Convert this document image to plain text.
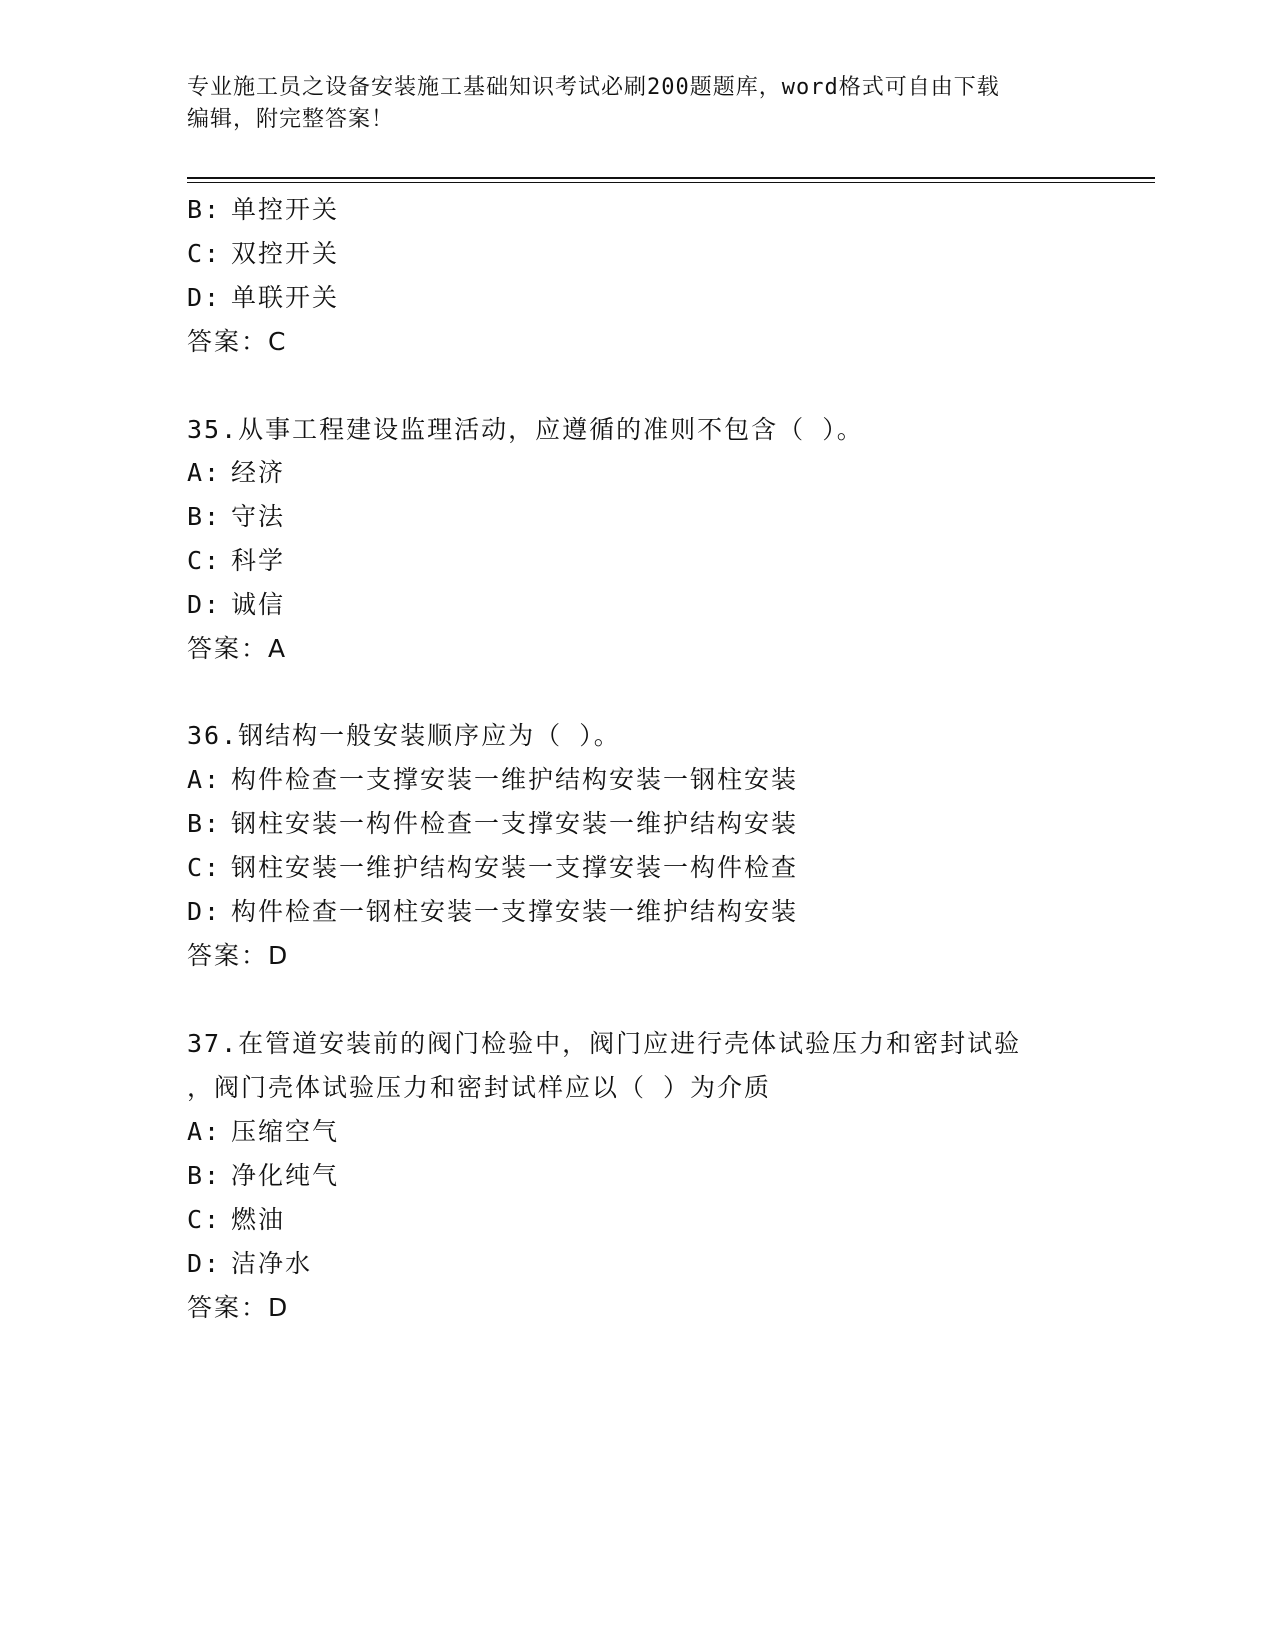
专业施工员之设备安装施工基础知识考试必刷200题题库，word格式可自由下载
编辑，附完整答案！
B: 单控开关
C: 双控开关
D: 单联开关
答案：C
35.从事工程建设监理活动，应遵循的准则不包含（ ）。
A: 经济
B: 守法
C: 科学
D: 诚信
答案：A
36.钢结构一般安装顺序应为（ ）。
A: 构件检查一支撑安装一维护结构安装一钢柱安装
B: 钢柱安装一构件检查一支撑安装一维护结构安装
C: 钢柱安装一维护结构安装一支撑安装一构件检查
D: 构件检查一钢柱安装一支撑安装一维护结构安装
答案：D
37.在管道安装前的阀门检验中，阀门应进行壳体试验压力和密封试验
，阀门壳体试验压力和密封试样应以（ ）为介质
A: 压缩空气
B: 净化纯气
C: 燃油
D: 洁净水
答案：D
